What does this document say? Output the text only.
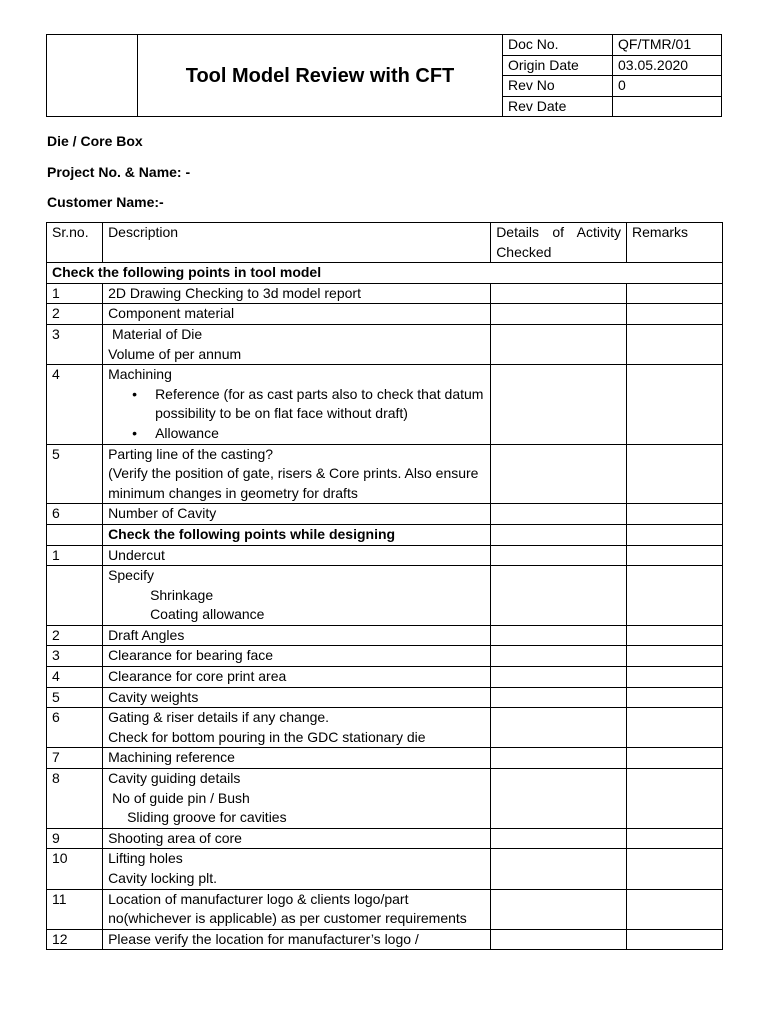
	Tool Model Review with CFT	Doc No.	QF/TMR/01
		Origin Date	03.05.2020
		Rev No	0
		Rev Date	
Die / Core Box
Project No. & Name: -
Customer Name:-
Sr.no.	Description	Details of Activity Checked	Remarks
Check the following points in tool model			
1	2D Drawing Checking to 3d model report		

2	Component material		

3	Material of Die
Volume of per annum		

4	Machining
• Reference (for as cast parts also to check that datum possibility to be on flat face without draft)
• Allowance		

5	Parting line of the casting?
(Verify the position of gate, risers & Core prints. Also ensure minimum changes in geometry for drafts		

6	Number of Cavity		

	Check the following points while designing		
1	Undercut		

	Specify
Shrinkage
Coating allowance		

2	Draft Angles		

3	Clearance for bearing face		

4	Clearance for core print area		

5	Cavity weights		

6	Gating & riser details if any change.
Check for bottom pouring in the GDC stationary die		

7	Machining reference		

8	Cavity guiding details
No of guide pin / Bush
Sliding groove for cavities		

9	Shooting area of core		

10	Lifting holes
Cavity locking plt.		

11	Location of manufacturer logo & clients logo/part no(whichever is applicable) as per customer requirements		

12	Please verify the location for manufacturer’s logo /		
